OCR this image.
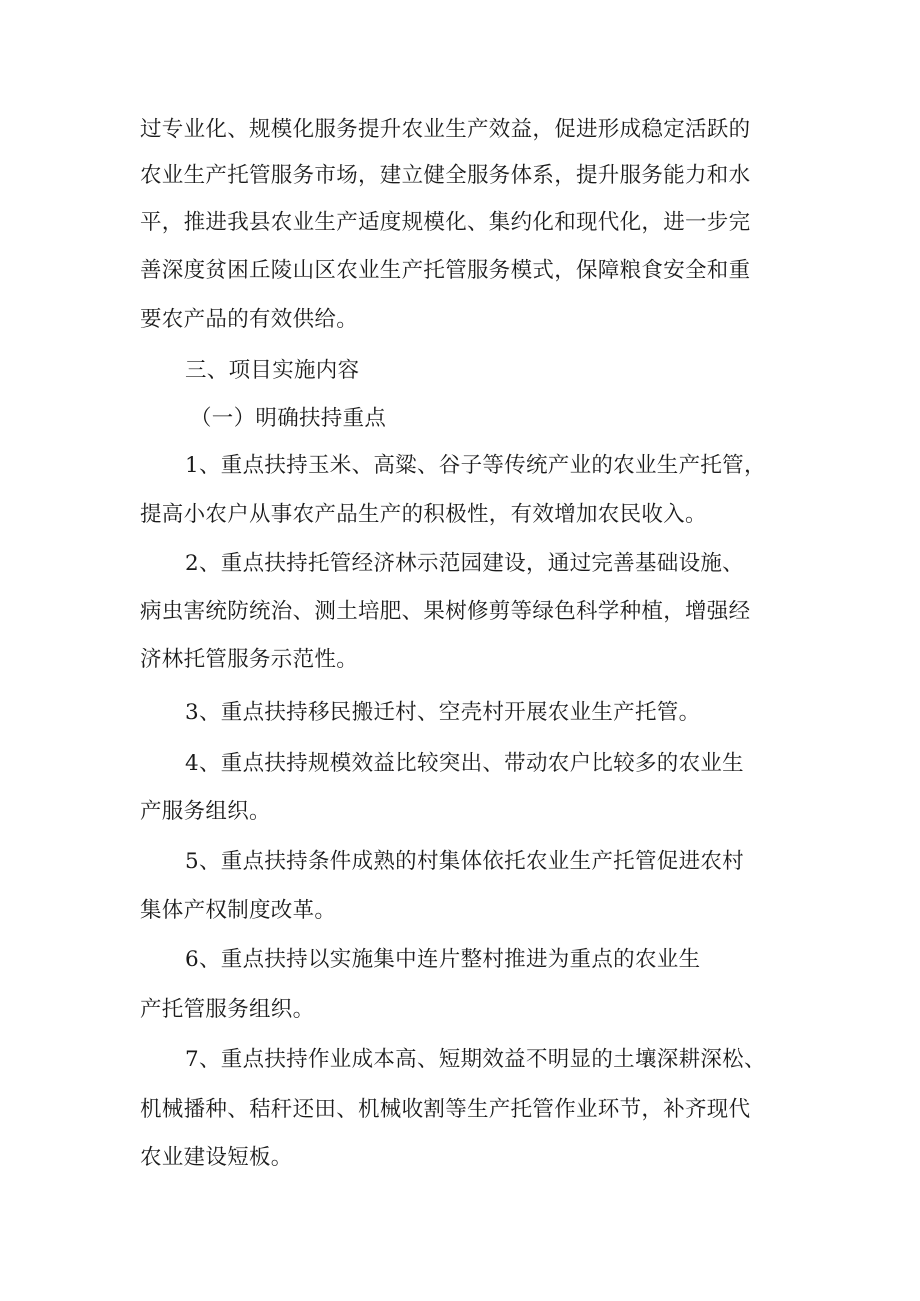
过专业化、规模化服务提升农业生产效益，促进形成稳定活跃的

农业生产托管服务市场，建立健全服务体系，提升服务能力和水

平，推进我县农业生产适度规模化、集约化和现代化，进一步完

善深度贫困丘陵山区农业生产托管服务模式，保障粮食安全和重

要农产品的有效供给。

三、项目实施内容

（一）明确扶持重点

1、重点扶持玉米、高粱、谷子等传统产业的农业生产托管，

提高小农户从事农产品生产的积极性，有效增加农民收入。

2、重点扶持托管经济林示范园建设，通过完善基础设施、

病虫害统防统治、测土培肥、果树修剪等绿色科学种植，增强经

济林托管服务示范性。

3、重点扶持移民搬迁村、空壳村开展农业生产托管。

4、重点扶持规模效益比较突出、带动农户比较多的农业生

产服务组织。

5、重点扶持条件成熟的村集体依托农业生产托管促进农村

集体产权制度改革。

6、重点扶持以实施集中连片整村推进为重点的农业生

产托管服务组织。

7、重点扶持作业成本高、短期效益不明显的土壤深耕深松、

机械播种、秸秆还田、机械收割等生产托管作业环节，补齐现代

农业建设短板。
